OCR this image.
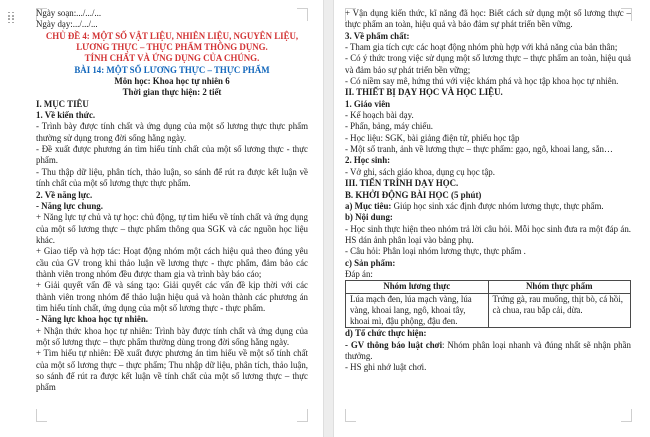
Ngày soạn:.../.../...

Ngày dạy:.../.../...

CHỦ ĐỀ 4: MỘT SỐ VẬT LIỆU, NHIÊN LIỆU, NGUYÊN LIỆU,

LƯƠNG THỰC – THỰC PHẨM THÔNG DỤNG.

TÍNH CHẤT VÀ ỨNG DỤNG CỦA CHÚNG.

BÀI 14: MỘT SỐ LƯƠNG THỰC – THỰC PHẨM

Môn học: Khoa học tự nhiên 6

Thời gian thực hiện: 2 tiết

I. MỤC TIÊU

1. Về kiến thức.

- Trình bày được tính chất và ứng dụng của một số lương thực thực phẩm thường sử dụng trong đời sống hằng ngày.

- Đề xuất được phương án tìm hiểu tính chất của một số lương thực - thực phẩm.

- Thu thập dữ liệu, phân tích, thảo luận, so sánh để rút ra được kết luận về tính chất của một số lương thực thực phẩm.

2. Về năng lực.

- Năng lực chung.

+ Năng lực tự chủ và tự học: chủ động, tự tìm hiểu về tính chất và ứng dụng của một số lương thực – thực phẩm thông qua SGK và các nguồn học liệu khác.

+ Giao tiếp và hợp tác: Hoạt động nhóm một cách hiệu quả theo đúng yêu cầu của GV trong khi thảo luận về lương thực - thực phẩm, đảm bảo các thành viên trong nhóm đều được tham gia và trình bày báo cáo;

+ Giải quyết vấn đề và sáng tạo: Giải quyết các vấn đề kịp thời với các thành viên trong nhóm để thảo luận hiệu quả và hoàn thành các phương án tìm hiểu tính chất, ứng dụng của một số lương thực - thực phẩm.

- Năng lực khoa học tự nhiên.

+ Nhận thức khoa học tự nhiên: Trình bày được tính chất và ứng dụng của một số lương thực – thực phẩm thường dùng trong đời sống hằng ngày.

+ Tìm hiểu tự nhiên: Đề xuất được phương án tìm hiểu về một số tính chất của một số lương thực – thực phẩm; Thu nhập dữ liệu, phân tích, thảo luận, so sánh để rút ra được kết luận về tính chất của một số lương thực – thực phẩm

+ Vận dụng kiến thức, kĩ năng đã học: Biết cách sử dụng một số lương thực – thực phẩm an toàn, hiệu quả và bảo đảm sự phát triển bền vững.

3. Về phẩm chất:

- Tham gia tích cực các hoạt động nhóm phù hợp với khả năng của bản thân;

- Có ý thức trong việc sử dụng một số lương thực – thực phẩm an toàn, hiệu quả và đảm bảo sự phát triển bền vững;

- Có niềm say mê, hứng thú với việc khám phá và học tập khoa học tự nhiên.

II. THIẾT BỊ DẠY HỌC VÀ HỌC LIỆU.

1. Giáo viên

- Kế hoạch bài dạy.

- Phấn, bảng, máy chiếu.

- Học liệu: SGK, bài giảng điện tử, phiếu học tập

- Một số tranh, ảnh về lương thực – thực phẩm: gạo, ngô, khoai lang, sắn…

2. Học sinh:

- Vở ghi, sách giáo khoa, dụng cụ học tập.

III. TIẾN TRÌNH DẠY HỌC.

B. KHỞI ĐỘNG BÀI HỌC (5 phút)

a) Mục tiêu: Giúp học sinh xác định được nhóm lương thực, thực phẩm.

b) Nội dung:

- Học sinh thực hiện theo nhóm trả lời câu hỏi. Mỗi học sinh đưa ra một đáp án. HS dán ảnh phân loại vào bảng phụ.

- Câu hỏi: Phân loại nhóm lương thực, thực phẩm .

c) Sản phẩm:

Đáp án:

Nhóm lương thực	Nhóm thực phẩm
Lúa mạch đen, lúa mạch vàng, lúa vàng, khoai lang, ngô, khoai tây, khoai mì, đậu phộng, đậu đen.	Trứng gà, rau muống, thịt bò, cá hồi, cà chua, rau bắp cải, dừa.

d) Tổ chức thực hiện:

- GV thông báo luật chơi: Nhóm phân loại nhanh và đúng nhất sẽ nhận phần thưởng.

- HS ghi nhớ luật chơi.
